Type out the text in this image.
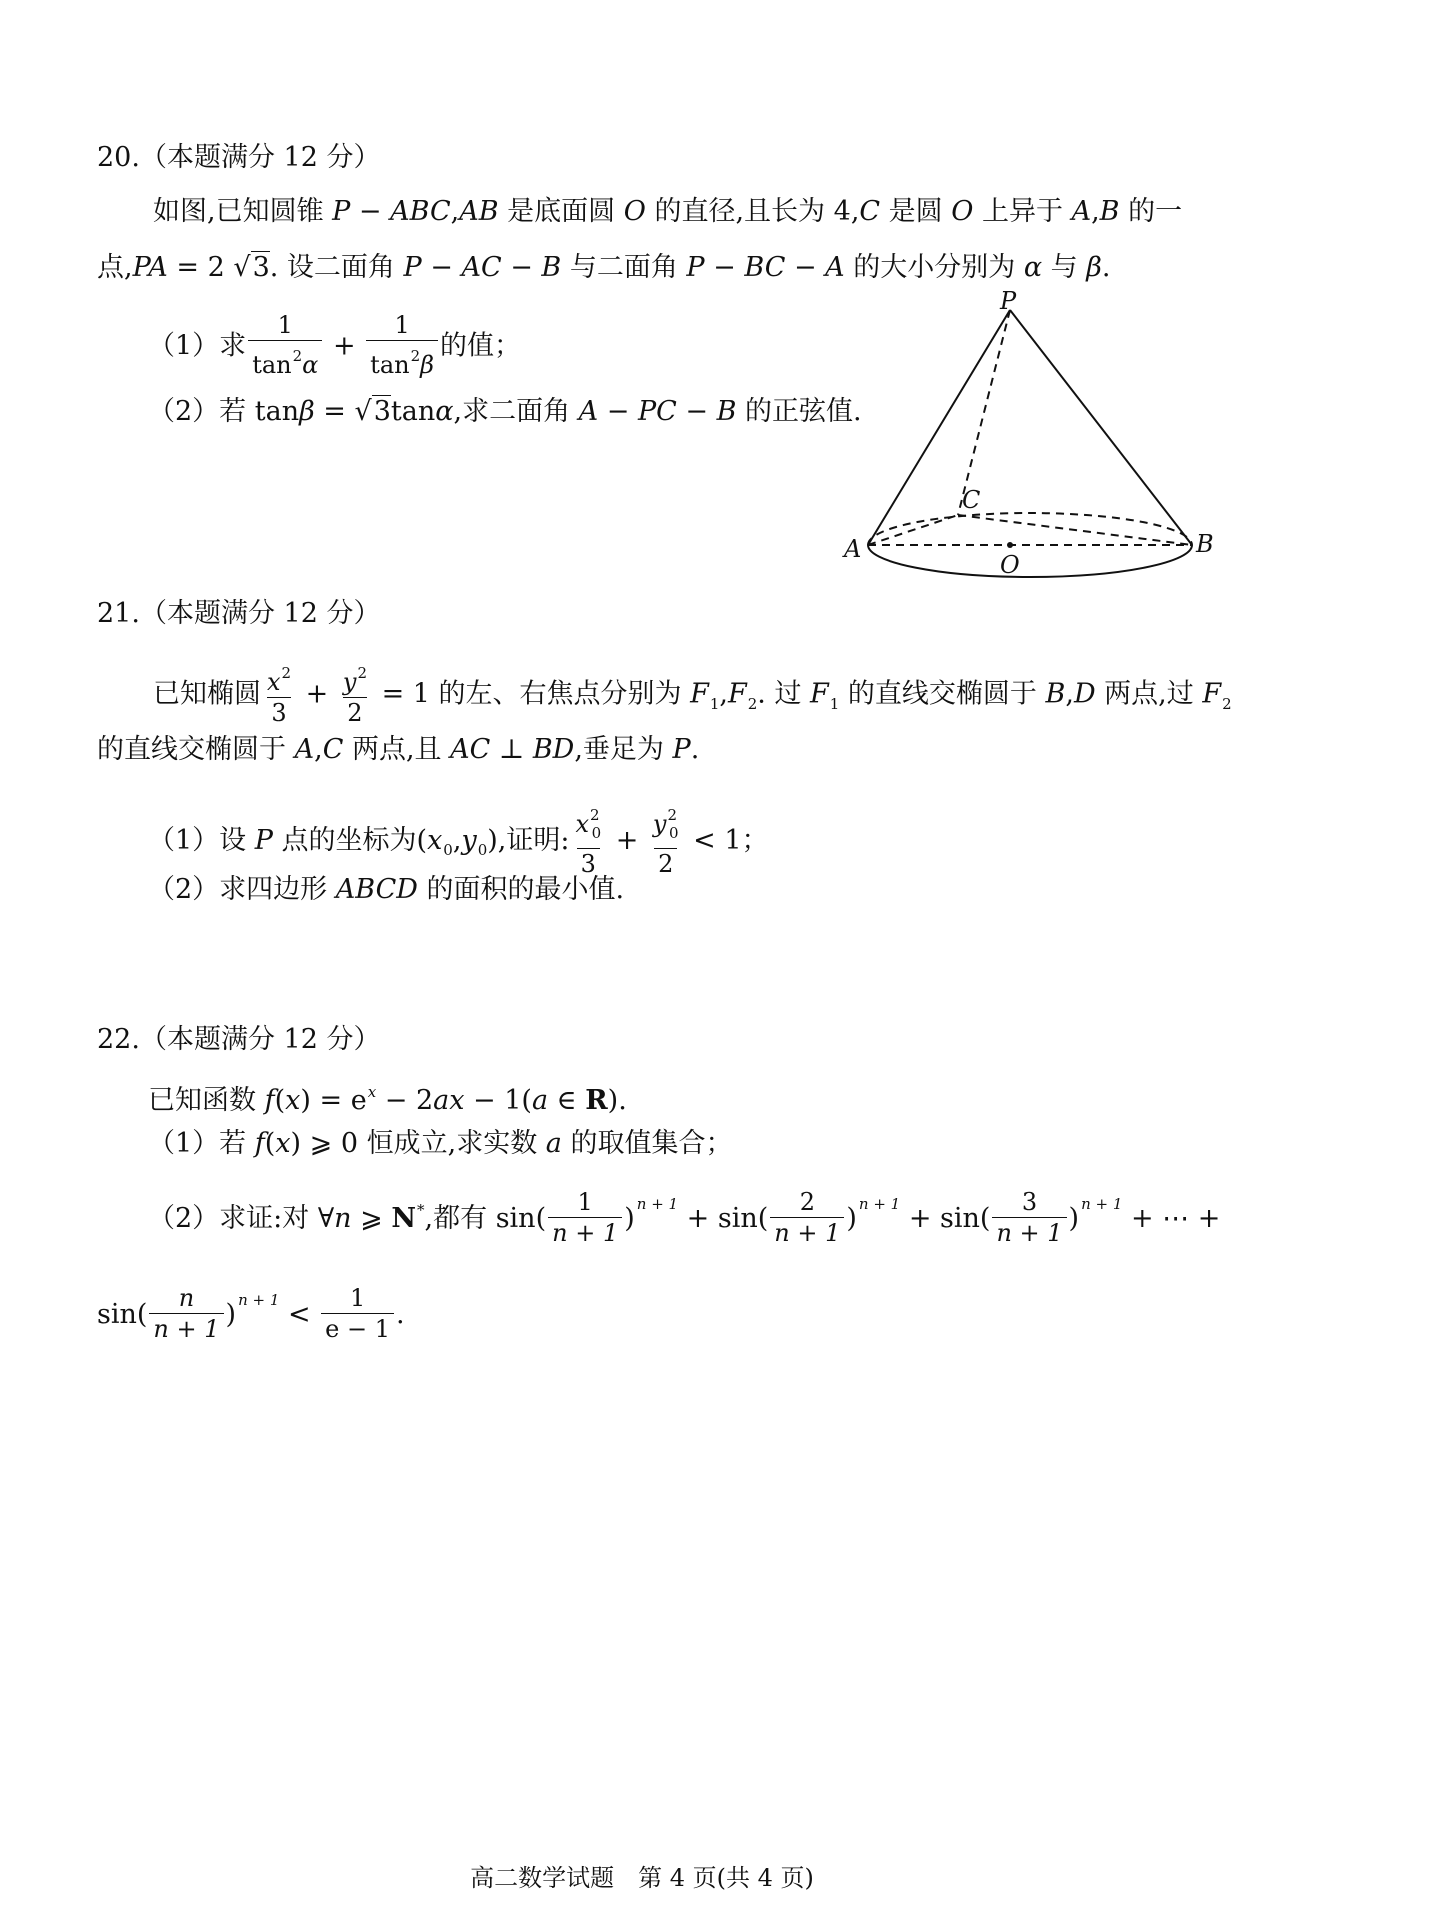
20.（本题满分 12 分）
如图,已知圆锥 P − ABC,AB 是底面圆 O 的直径,且长为 4,C 是圆 O 上异于 A,B 的一
点,PA = 2 √3. 设二面角 P − AC − B 与二面角 P − BC − A 的大小分别为 α 与 β.
（1）求 $\frac{1}{\tan^2\alpha} + \frac{1}{\tan^2\beta}$ 的值；
（2）若 tanβ = √3tanα,求二面角 A − PC − B 的正弦值.
P
C
A
O
B
21.（本题满分 12 分）
已知椭圆 $\frac{x^2}{3} + \frac{y^2}{2} = 1$ 的左、右焦点分别为 $F_1,F_2$. 过 $F_1$ 的直线交椭圆于 B,D 两点,过 $F_2$
的直线交椭圆于 A,C 两点,且 AC ⊥ BD,垂足为 P.
（1）设 P 点的坐标为$(x_0,y_0)$,证明: $\frac{x^2_0}{3} + \frac{y^2_0}{2} < 1$；
（2）求四边形 ABCD 的面积的最小值.
22.（本题满分 12 分）
已知函数 $f(x) = e^x - 2ax - 1(a$ ∈ R).
（1）若 f(x) ⩾ 0 恒成立,求实数 a 的取值集合；
（2）求证:对 ∀n ⩾ N*,都有 $\sin( \frac{1}{n + 1}$ ) $^{n + 1} + \sin( \frac{2}{n + 1}$ ) $^{n + 1} + \sin( \frac{3}{n + 1}$ ) $^{n + 1}$ + ⋯ +
$\sin( \frac{n}{n + 1}$ ) $^{n + 1} < \frac{1}{e - 1}$ .
高二数学试题　第 4 页(共 4 页)
